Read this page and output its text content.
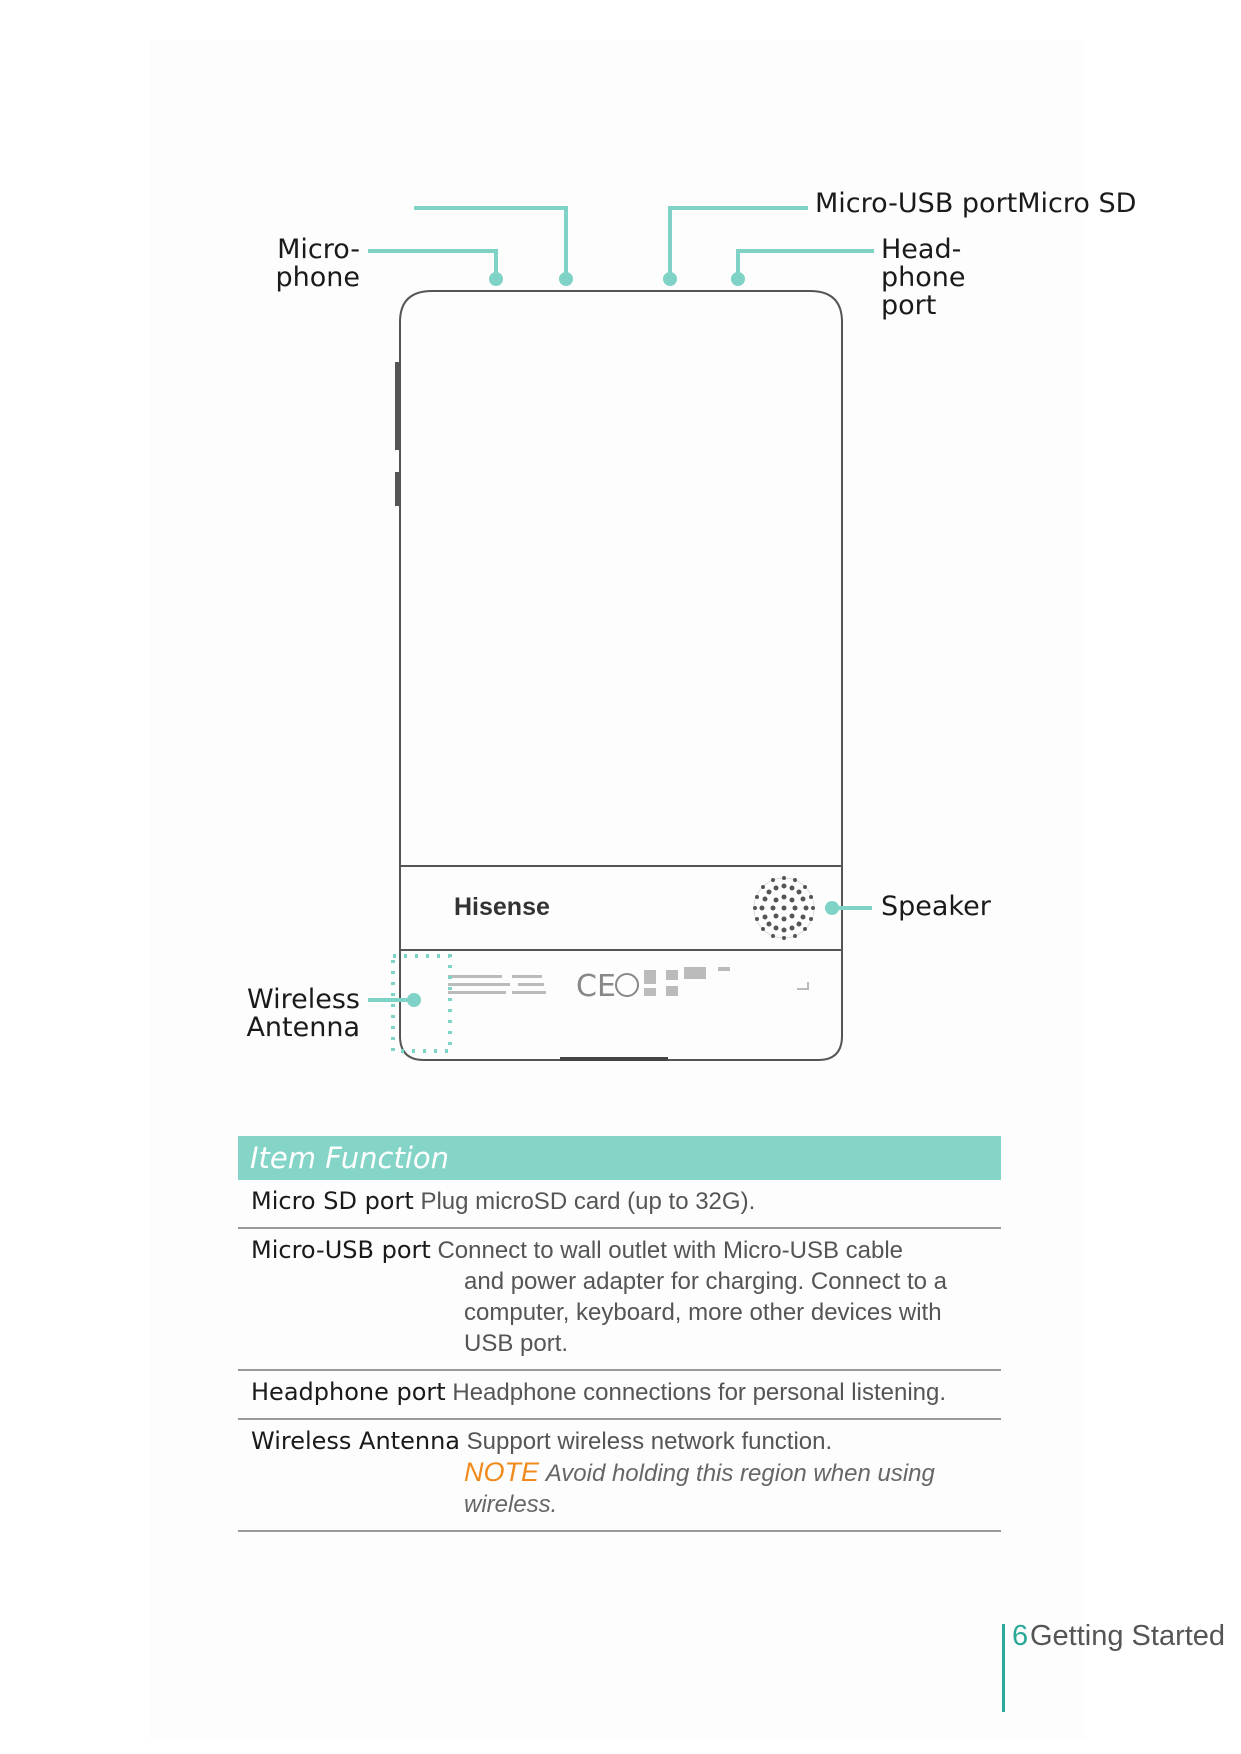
CE
Micro-USB portMicro SD
Micro-
phone
Head-
phone
port
Speaker
Wireless
Antenna
Hisense
Item Function
Micro SD port Plug microSD card (up to 32G).
Micro-USB port Connect to wall outlet with Micro-USB cable
and power adapter for charging. Connect to a
computer, keyboard, more other devices with
USB port.
Headphone port Headphone connections for personal listening.
Wireless Antenna Support wireless network function.
NOTE Avoid holding this region when using
wireless.
6 Getting Started
